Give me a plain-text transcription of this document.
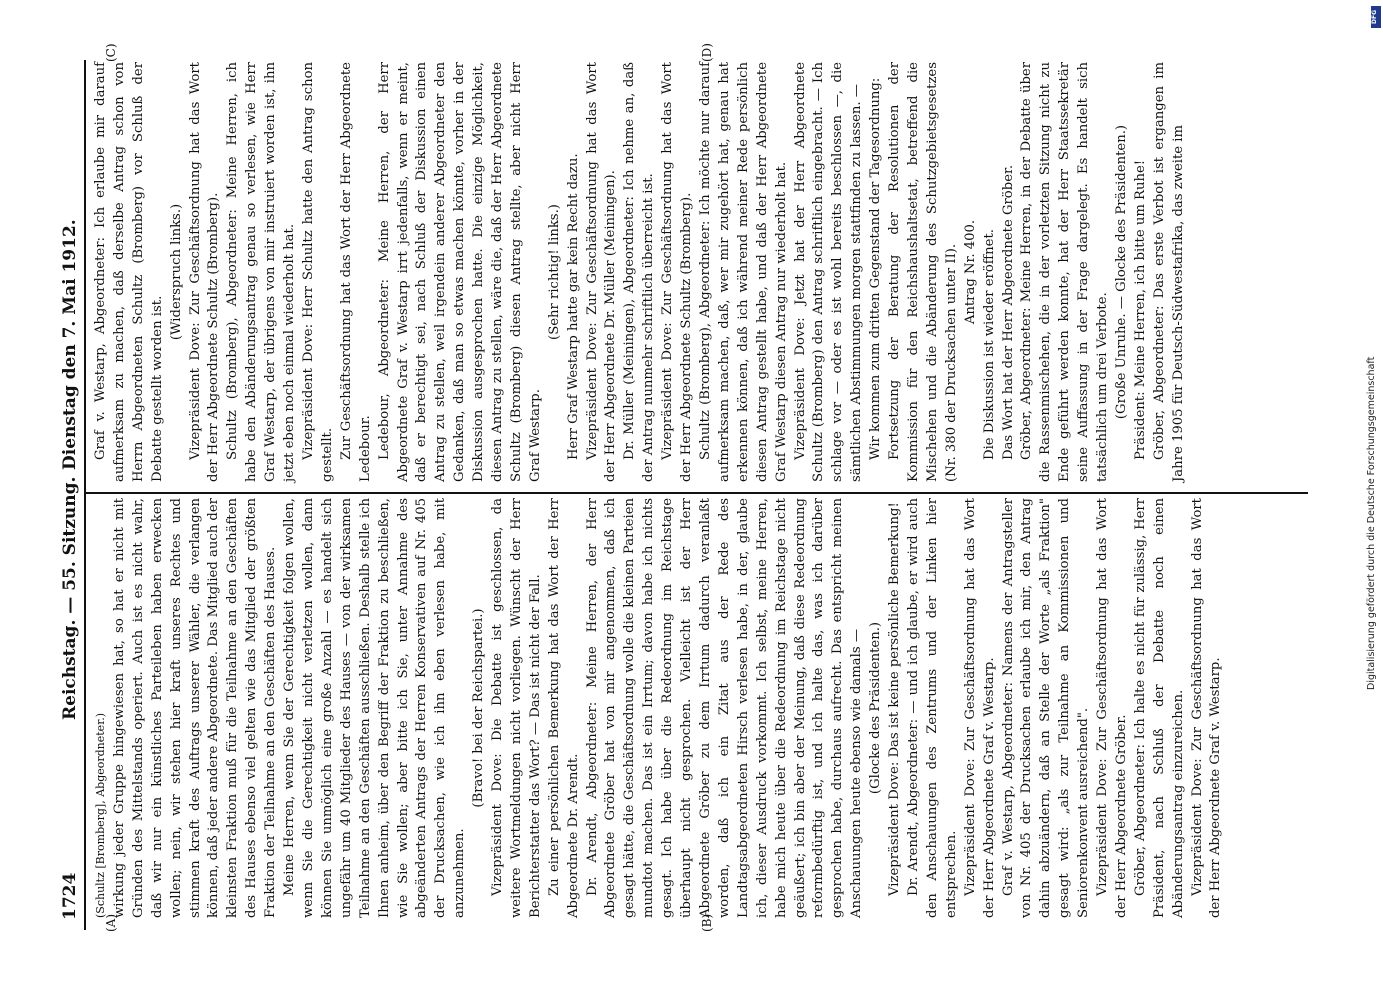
1724
Reichstag. — 55. Sitzung.
Dienstag den 7. Mai 1912.
(A)	(B)
(C)	(D)

(Schultz [Bromberg], Abgeordneter.) wirkung jeder Gruppe hingewiesen hat, so hat er nicht mit Gründen des Mittelstands operiert. Auch ist es nicht wahr, daß wir nur ein künstliches Parteileben haben erwecken wollen; nein, wir stehen hier kraft unseres Rechtes und stimmen kraft des Auftrags unserer Wähler, die verlangen können, daß jeder andere Abgeordnete. Das Mitglied auch der kleinsten Fraktion muß für die Teilnahme an den Geschäften des Hauses ebenso viel gelten wie das Mitglied der größten Fraktion der Teilnahme an den Geschäften des Hauses. Meine Herren, wenn Sie der Gerechtigkeit folgen wollen, wenn Sie die Gerechtigkeit nicht verletzen wollen, dann können Sie unmöglich eine große Anzahl — es handelt sich ungefähr um 40 Mitglieder des Hauses — von der wirksamen Teilnahme an den Geschäften ausschließen. Deshalb stelle ich Ihnen anheim, über den Begriff der Fraktion zu beschließen, wie Sie wollen; aber bitte ich Sie, unter Annahme des abgeänderten Antrags der Herren Konservativen auf Nr. 405 der Drucksachen, wie ich ihn eben verlesen habe, mit anzunehmen.

(Bravo! bei der Reichspartei.) Vizepräsident Dove: Die Debatte ist geschlossen, da weitere Wortmeldungen nicht vorliegen. Wünscht der Herr Berichterstatter das Wort? — Das ist nicht der Fall. Zu einer persönlichen Bemerkung hat das Wort der Herr Abgeordnete Dr. Arendt. Dr. Arendt, Abgeordneter: Meine Herren, der Herr Abgeordnete Gröber hat von mir angenommen, daß ich gesagt hätte, die Geschäftsordnung wolle die kleinen Parteien mundtot machen. Das ist ein Irrtum; davon habe ich nichts gesagt. Ich habe über die Redeordnung im Reichstage überhaupt nicht gesprochen. Vielleicht ist der Herr Abgeordnete Gröber zu dem Irrtum dadurch veranlaßt worden, daß ich ein Zitat aus der Rede des Landtagsabgeordneten Hirsch verlesen habe, in der, glaube ich, dieser Ausdruck vorkommt. Ich selbst, meine Herren, habe mich heute über die Redeordnung im Reichstage nicht geäußert; ich bin aber der Meinung, daß diese Redeordnung reformbedürftig ist, und ich halte das, was ich darüber gesprochen habe, durchaus aufrecht. Das entspricht meinen Anschauungen heute ebenso wie damals — (Glocke des Präsidenten.) Vizepräsident Dove: Das ist keine persönliche Bemerkung! Dr. Arendt, Abgeordneter: — und ich glaube, er wird auch den Anschauungen des Zentrums und der Linken hier entsprechen. Vizepräsident Dove: Zur Geschäftsordnung hat das Wort der Herr Abgeordnete Graf v. Westarp. Graf v. Westarp, Abgeordneter: Namens der Antragsteller von Nr. 405 der Drucksachen erlaube ich mir, den Antrag dahin abzuändern, daß an Stelle der Worte „als Fraktion" gesagt wird: „als zur Teilnahme an Kommissionen und Seniorenkonvent ausreichend". Vizepräsident Dove: Zur Geschäftsordnung hat das Wort der Herr Abgeordnete Gröber. Gröber, Abgeordneter: Ich halte es nicht für zulässig, Herr Präsident, nach Schluß der Debatte noch einen Abänderungsantrag einzureichen. Vizepräsident Dove: Zur Geschäftsordnung hat das Wort der Herr Abgeordnete Graf v. Westarp.

Graf v. Westarp, Abgeordneter: Ich erlaube mir darauf aufmerksam zu machen, daß derselbe Antrag schon von Herrn Abgeordneten Schultz (Bromberg) vor Schluß der Debatte gestellt worden ist.

(Widerspruch links.) Vizepräsident Dove: Zur Geschäftsordnung hat das Wort der Herr Abgeordnete Schultz (Bromberg). Schultz (Bromberg), Abgeordneter: Meine Herren, ich habe den Abänderungsantrag genau so verlesen, wie Herr Graf Westarp, der übrigens von mir instruiert worden ist, ihn jetzt eben noch einmal wiederholt hat. Vizepräsident Dove: Herr Schultz hatte den Antrag schon gestellt. Zur Geschäftsordnung hat das Wort der Herr Abgeordnete Ledebour. Ledebour, Abgeordneter: Meine Herren, der Herr Abgeordnete Graf v. Westarp irrt jedenfalls, wenn er meint, daß er berechtigt sei, nach Schluß der Diskussion einen Antrag zu stellen, weil irgendein anderer Abgeordneter den Gedanken, daß man so etwas machen könnte, vorher in der Diskussion ausgesprochen hatte. Die einzige Möglichkeit, diesen Antrag zu stellen, wäre die, daß der Herr Abgeordnete Schultz (Bromberg) diesen Antrag stellte, aber nicht Herr Graf Westarp.

(Sehr richtig! links.) Herr Graf Westarp hatte gar kein Recht dazu. Vizepräsident Dove: Zur Geschäftsordnung hat das Wort der Herr Abgeordnete Dr. Müller (Meiningen). Dr. Müller (Meiningen), Abgeordneter: Ich nehme an, daß der Antrag nunmehr schriftlich überreicht ist. Vizepräsident Dove: Zur Geschäftsordnung hat das Wort der Herr Abgeordnete Schultz (Bromberg). Schultz (Bromberg), Abgeordneter: Ich möchte nur darauf aufmerksam machen, daß, wer mir zugehört hat, genau hat erkennen können, daß ich während meiner Rede persönlich diesen Antrag gestellt habe, und daß der Herr Abgeordnete Graf Westarp diesen Antrag nur wiederholt hat. Vizepräsident Dove: Jetzt hat der Herr Abgeordnete Schultz (Bromberg) den Antrag schriftlich eingebracht. — Ich schlage vor — oder es ist wohl bereits beschlossen —, die sämtlichen Abstimmungen morgen stattfinden zu lassen. — Wir kommen zum dritten Gegenstand der Tagesordnung: Fortsetzung der Beratung der Resolutionen der Kommission für den Reichshaushaltsetat, betreffend die Mischehen und die Abänderung des Schutzgebietsgesetzes (Nr. 380 der Drucksachen unter II). Antrag Nr. 400. Die Diskussion ist wieder eröffnet. Das Wort hat der Herr Abgeordnete Gröber. Gröber, Abgeordneter: Meine Herren, in der Debatte über die Rassenmischehen, die in der vorletzten Sitzung nicht zu Ende geführt werden konnte, hat der Herr Staatssekretär seine Auffassung in der Frage dargelegt. Es handelt sich tatsächlich um drei Verbote. (Große Unruhe. — Glocke des Präsidenten.) Präsident: Meine Herren, ich bitte um Ruhe! Gröber, Abgeordneter: Das erste Verbot ist ergangen im Jahre 1905 für Deutsch-Südwestafrika, das zweite im

Digitalisierung gefördert durch die Deutsche Forschungsgemeinschaft
DFG
